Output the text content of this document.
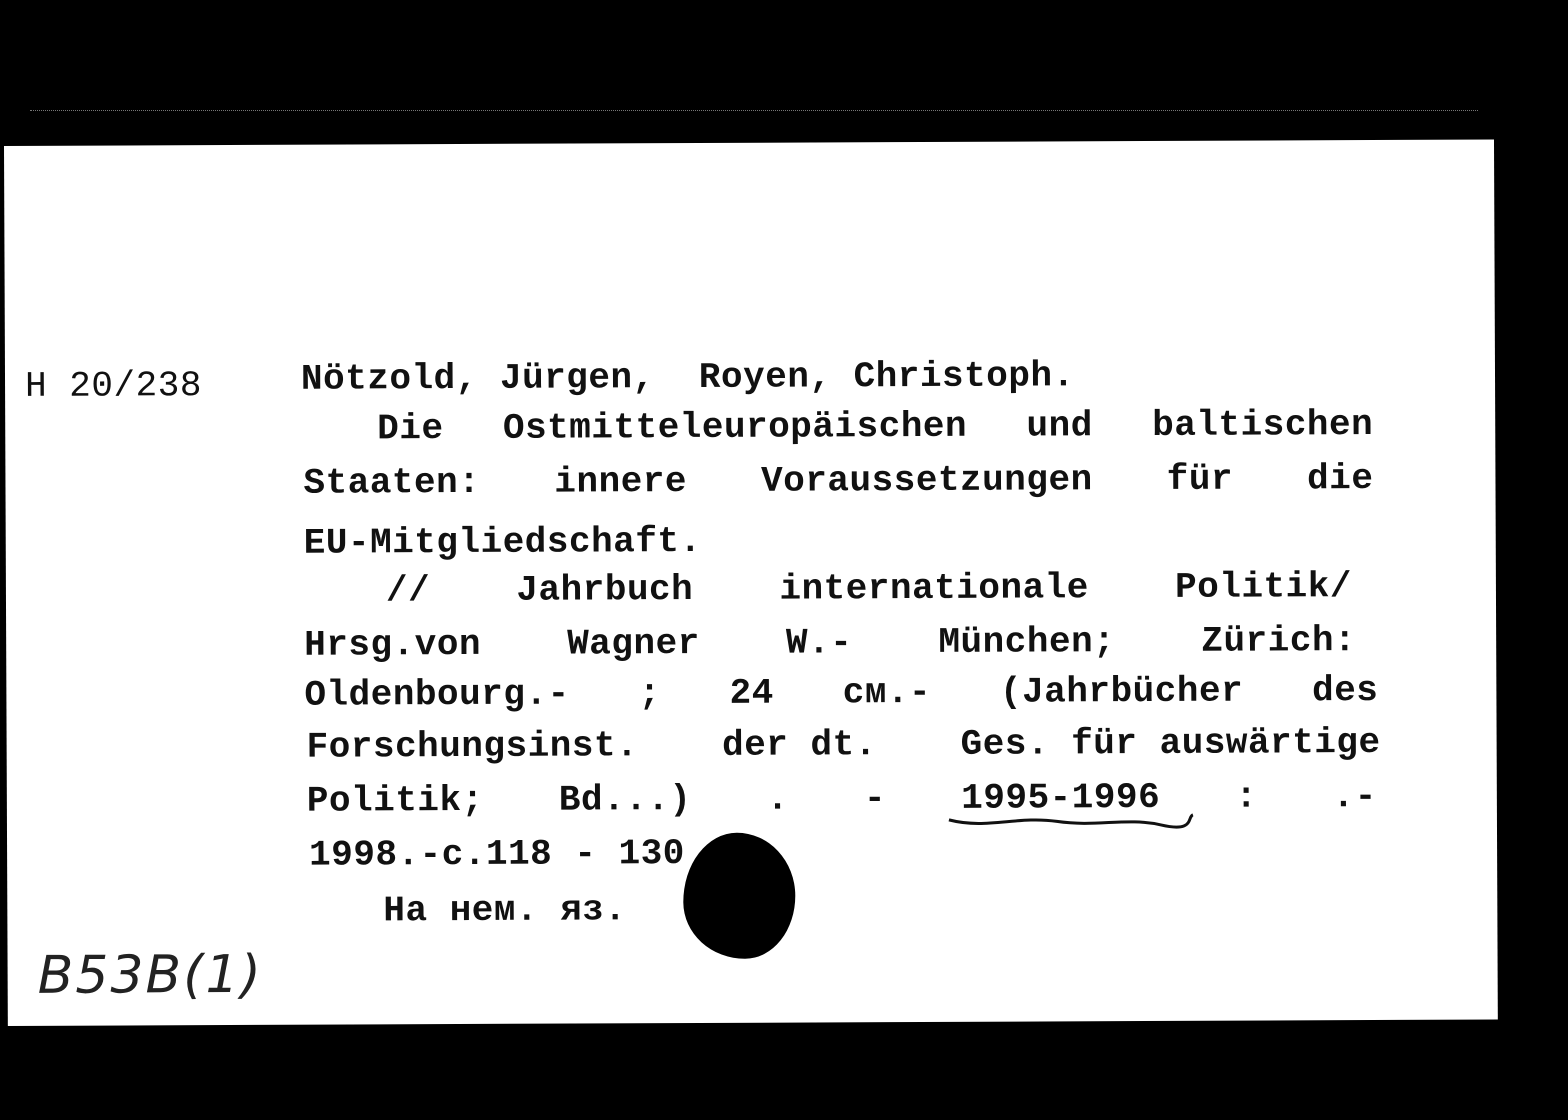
H 20/238	Nötzold, Jürgen,  Royen, Christoph.
Die Ostmitteleuropäischen und baltischen
Staaten: innere Voraussetzungen für die
EU-Mitgliedschaft.
// Jahrbuch internationale Politik/
Hrsg.von Wagner W.- München; Zürich:
Oldenbourg.- ; 24 см.- (Jahrbücher des
Forschungsinst. der dt. Ges. für auswärtige
Politik; Bd...) . - 1995-1996 : .-
1998.-c.118 - 130
На нем. яз.
B53B(1)
